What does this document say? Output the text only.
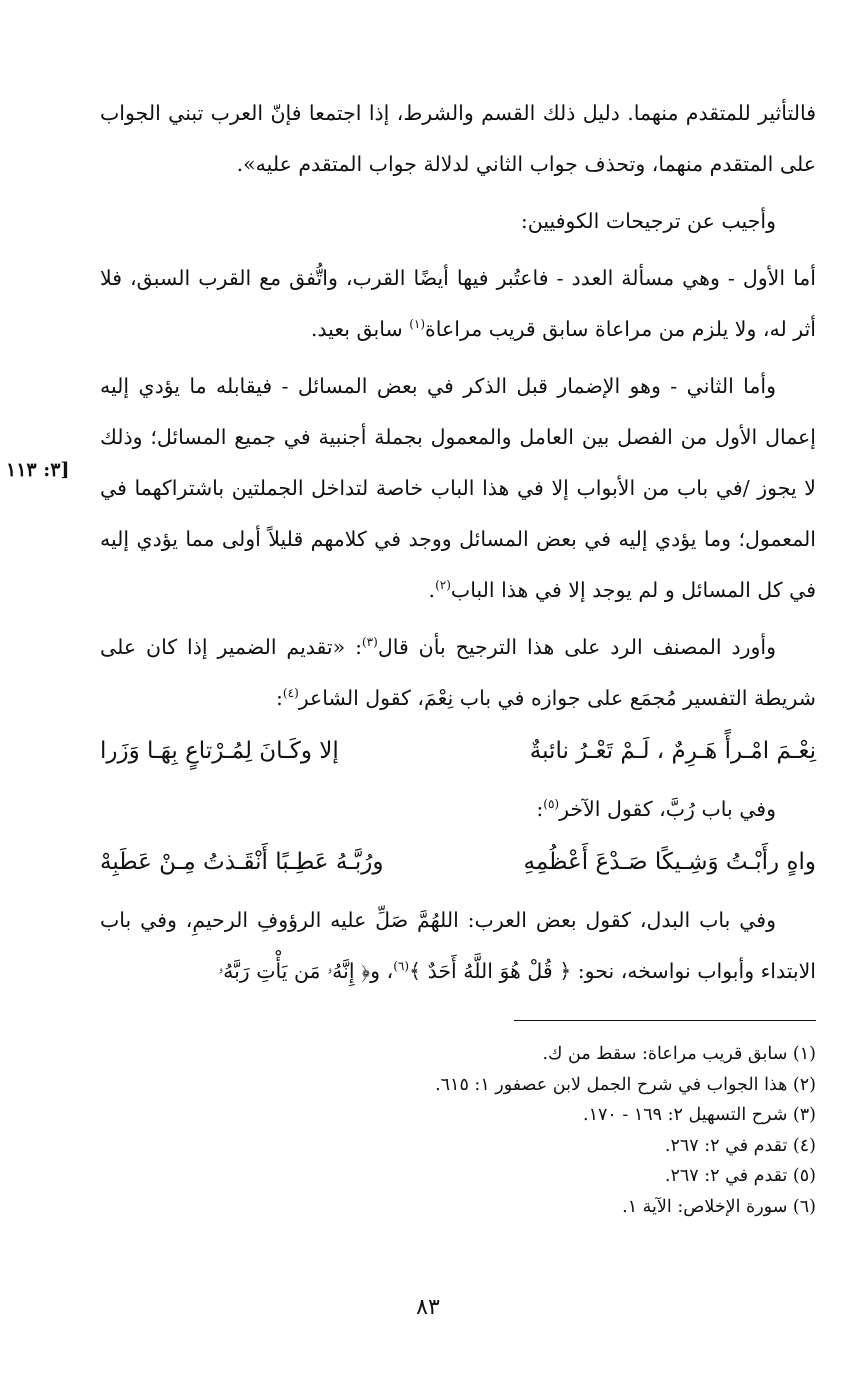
[٣: ١١٣

فالتأثير للمتقدم منهما. دليل ذلك القسم والشرط، إذا اجتمعا فإنّ العرب تبني الجواب على المتقدم منهما، وتحذف جواب الثاني لدلالة جواب المتقدم عليه».

وأجيب عن ترجيحات الكوفيين:

أما الأول - وهي مسألة العدد - فاعتُبر فيها أيضًا القرب، واتُّفق مع القرب السبق، فلا أثر له، ولا يلزم من مراعاة سابق قريب مراعاة$^{(١)}$ سابق بعيد.

وأما الثاني - وهو الإضمار قبل الذكر في بعض المسائل - فيقابله ما يؤدي إليه إعمال الأول من الفصل بين العامل والمعمول بجملة أجنبية في جميع المسائل؛ وذلك لا يجوز /في باب من الأبواب إلا في هذا الباب خاصة لتداخل الجملتين باشتراكهما في المعمول؛ وما يؤدي إليه في بعض المسائل ووجد في كلامهم قليلاً أولى مما يؤدي إليه في كل المسائل و لم يوجد إلا في هذا الباب$^{(٢)}$.

وأورد المصنف الرد على هذا الترجيح بأن قال$^{(٣)}$: «تقديم الضمير إذا كان على شريطة التفسير مُجمَع على جوازه في باب نِعْمَ، كقول الشاعر$^{(٤)}$:

نِعْـمَ امْـرأً هَـرِمٌ ، لَـمْ تَعْـرُ نائبةٌ
إلا وكَـانَ لِمُـرْتاعٍ بِهَـا وَزَرا

وفي باب رُبَّ، كقول الآخر$^{(٥)}$:

واهٍ رأَبْـتُ وَشِـيكًا صَـدْعَ أَعْظُمِهِ
ورُبَّـهُ عَطِـبًا أَنْقَـذتُ مِـنْ عَطَبِهْ

وفي باب البدل، كقول بعض العرب: اللهُمَّ صَلِّ عليه الرؤوفِ الرحيمِ، وفي باب الابتداء وأبواب نواسخه، نحو: ﴿ قُلْ هُوَ اللَّهُ أَحَدٌ ﴾$^{(٦)}$، و﴿ إِنَّهُۥ مَن يَأْتِ رَبَّهُۥ

(١) سابق قريب مراعاة: سقط من ك.
(٢) هذا الجواب في شرح الجمل لابن عصفور ١: ٦١٥.
(٣) شرح التسهيل ٢: ١٦٩ - ١٧٠.
(٤) تقدم في ٢: ٢٦٧.
(٥) تقدم في ٢: ٢٦٧.
(٦) سورة الإخلاص: الآية ١.
٨٣
